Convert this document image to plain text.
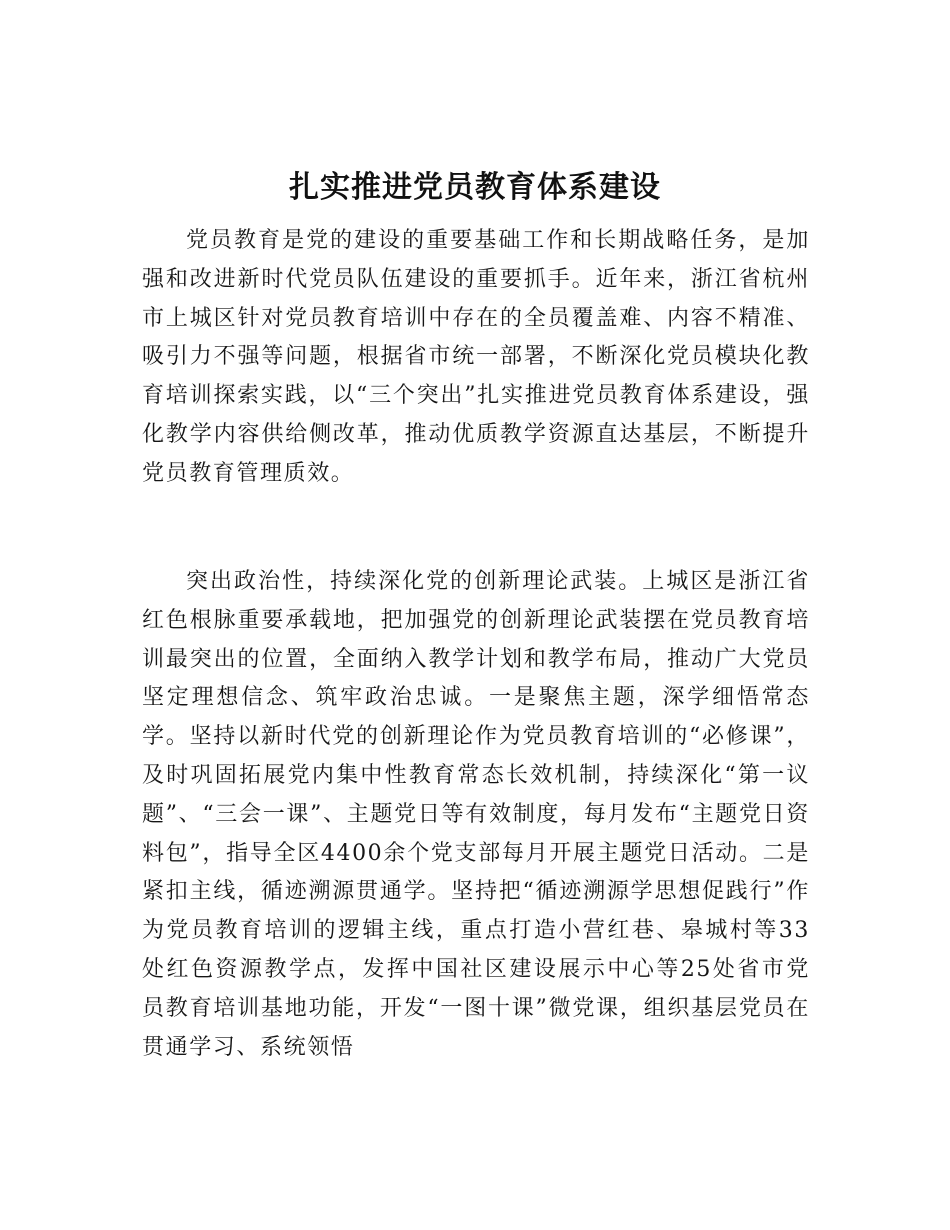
扎实推进党员教育体系建设

党员教育是党的建设的重要基础工作和长期战略任务，是加强和改进新时代党员队伍建设的重要抓手。近年来，浙江省杭州市上城区针对党员教育培训中存在的全员覆盖难、内容不精准、吸引力不强等问题，根据省市统一部署，不断深化党员模块化教育培训探索实践，以“三个突出”扎实推进党员教育体系建设，强化教学内容供给侧改革，推动优质教学资源直达基层，不断提升党员教育管理质效。

突出政治性，持续深化党的创新理论武装。上城区是浙江省红色根脉重要承载地，把加强党的创新理论武装摆在党员教育培训最突出的位置，全面纳入教学计划和教学布局，推动广大党员坚定理想信念、筑牢政治忠诚。一是聚焦主题，深学细悟常态学。坚持以新时代党的创新理论作为党员教育培训的“必修课”，及时巩固拓展党内集中性教育常态长效机制，持续深化“第一议题”、“三会一课”、主题党日等有效制度，每月发布“主题党日资料包”，指导全区4400余个党支部每月开展主题党日活动。二是紧扣主线，循迹溯源贯通学。坚持把“循迹溯源学思想促践行”作为党员教育培训的逻辑主线，重点打造小营红巷、皋城村等33处红色资源教学点，发挥中国社区建设展示中心等25处省市党员教育培训基地功能，开发“一图十课”微党课，组织基层党员在贯通学习、系统领悟
